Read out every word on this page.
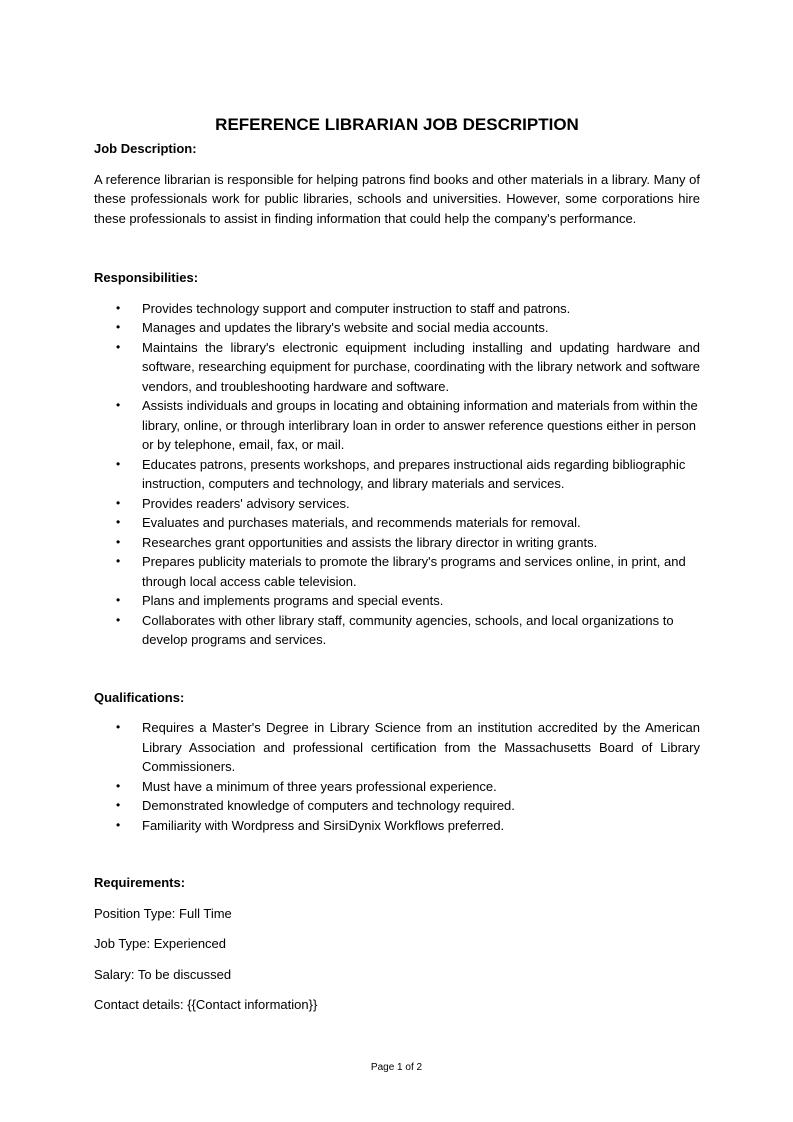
REFERENCE LIBRARIAN JOB DESCRIPTION

Job Description:

A reference librarian is responsible for helping patrons find books and other materials in a library. Many of these professionals work for public libraries, schools and universities. However, some corporations hire these professionals to assist in finding information that could help the company's performance.

Responsibilities:

• Provides technology support and computer instruction to staff and patrons.
• Manages and updates the library's website and social media accounts.
• Maintains the library's electronic equipment including installing and updating hardware and software, researching equipment for purchase, coordinating with the library network and software vendors, and troubleshooting hardware and software.
• Assists individuals and groups in locating and obtaining information and materials from within the library, online, or through interlibrary loan in order to answer reference questions either in person or by telephone, email, fax, or mail.
• Educates patrons, presents workshops, and prepares instructional aids regarding bibliographic instruction, computers and technology, and library materials and services.
• Provides readers' advisory services.
• Evaluates and purchases materials, and recommends materials for removal.
• Researches grant opportunities and assists the library director in writing grants.
• Prepares publicity materials to promote the library's programs and services online, in print, and through local access cable television.
• Plans and implements programs and special events.
• Collaborates with other library staff, community agencies, schools, and local organizations to develop programs and services.

Qualifications:

• Requires a Master's Degree in Library Science from an institution accredited by the American Library Association and professional certification from the Massachusetts Board of Library Commissioners.
• Must have a minimum of three years professional experience.
• Demonstrated knowledge of computers and technology required.
• Familiarity with Wordpress and SirsiDynix Workflows preferred.

Requirements:

Position Type: Full Time

Job Type: Experienced

Salary: To be discussed

Contact details: {{Contact information}}

Page 1 of 2
